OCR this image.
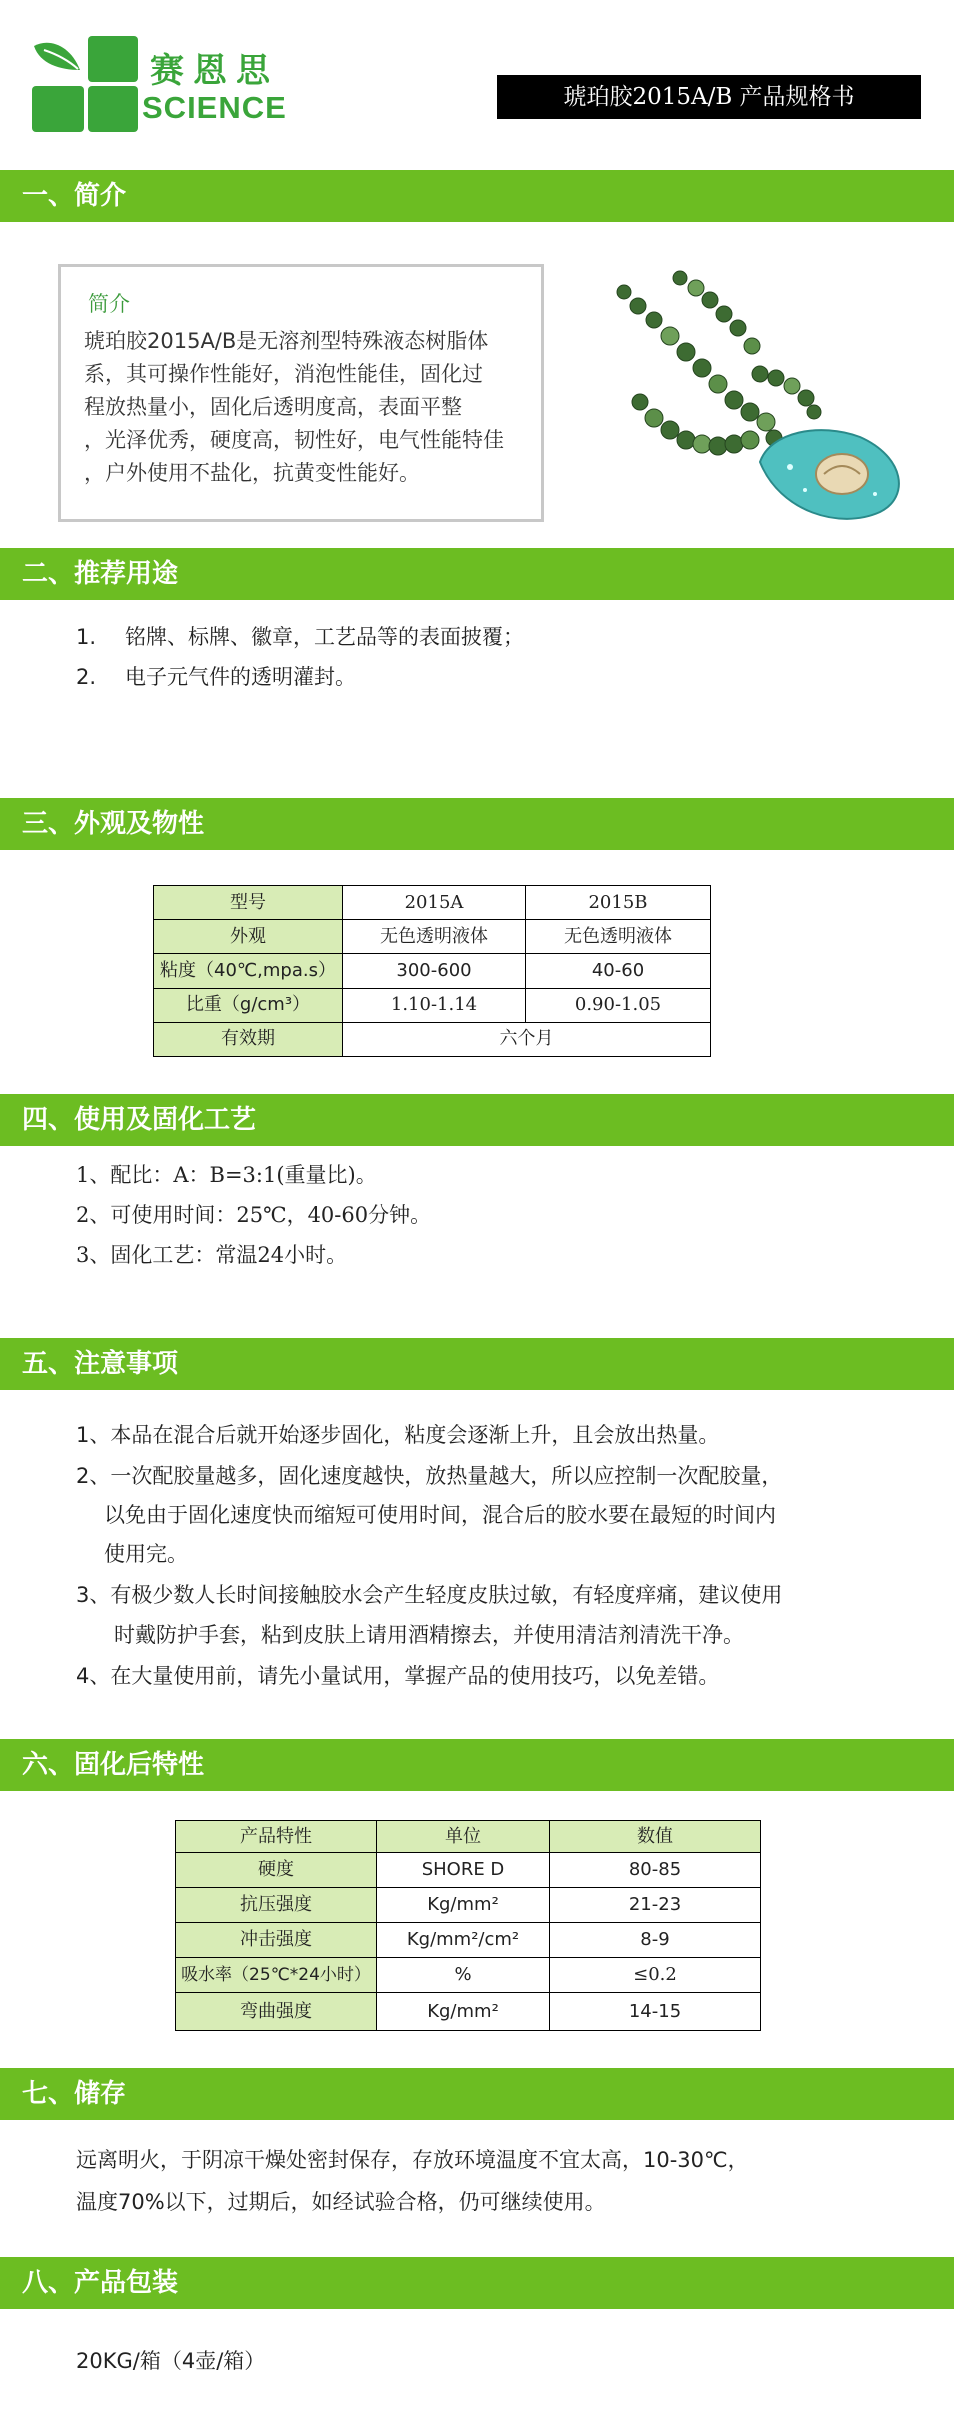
赛恩思
SCIENCE	琥珀胶2015A/B 产品规格书
一、简介
简介
琥珀胶2015A/B是无溶剂型特殊液态树脂体
系，其可操作性能好，消泡性能佳，固化过
程放热量小，固化后透明度高，表面平整
，光泽优秀，硬度高，韧性好，电气性能特佳
，户外使用不盐化，抗黄变性能好。
二、推荐用途
1. 铭牌、标牌、徽章，工艺品等的表面披覆；
2. 电子元气件的透明灌封。
三、外观及物性
型号	2015A	2015B
外观	无色透明液体	无色透明液体
粘度（40℃,mpa.s）	300-600	40-60
比重（g/cm³）	1.10-1.14	0.90-1.05
有效期	六个月	
四、使用及固化工艺
1、配比：A：B=3:1(重量比)。
2、可使用时间：25℃，40-60分钟。
3、固化工艺：常温24小时。
五、注意事项
1、本品在混合后就开始逐步固化，粘度会逐渐上升，且会放出热量。
2、一次配胶量越多，固化速度越快，放热量越大，所以应控制一次配胶量，
以免由于固化速度快而缩短可使用时间，混合后的胶水要在最短的时间内
使用完。
3、有极少数人长时间接触胶水会产生轻度皮肤过敏，有轻度痒痛，建议使用
时戴防护手套，粘到皮肤上请用酒精擦去，并使用清洁剂清洗干净。
4、在大量使用前，请先小量试用，掌握产品的使用技巧，以免差错。
六、固化后特性
产品特性	单位	数值
硬度	SHORE D	80-85
抗压强度	Kg/mm²	21-23
冲击强度	Kg/mm²/cm²	8-9
吸水率（25℃*24小时）	%	≤0.2
弯曲强度	Kg/mm²	14-15
七、储存
远离明火，于阴凉干燥处密封保存，存放环境温度不宜太高，10-30℃，
温度70%以下，过期后，如经试验合格，仍可继续使用。
八、产品包装
20KG/箱（4壶/箱）
